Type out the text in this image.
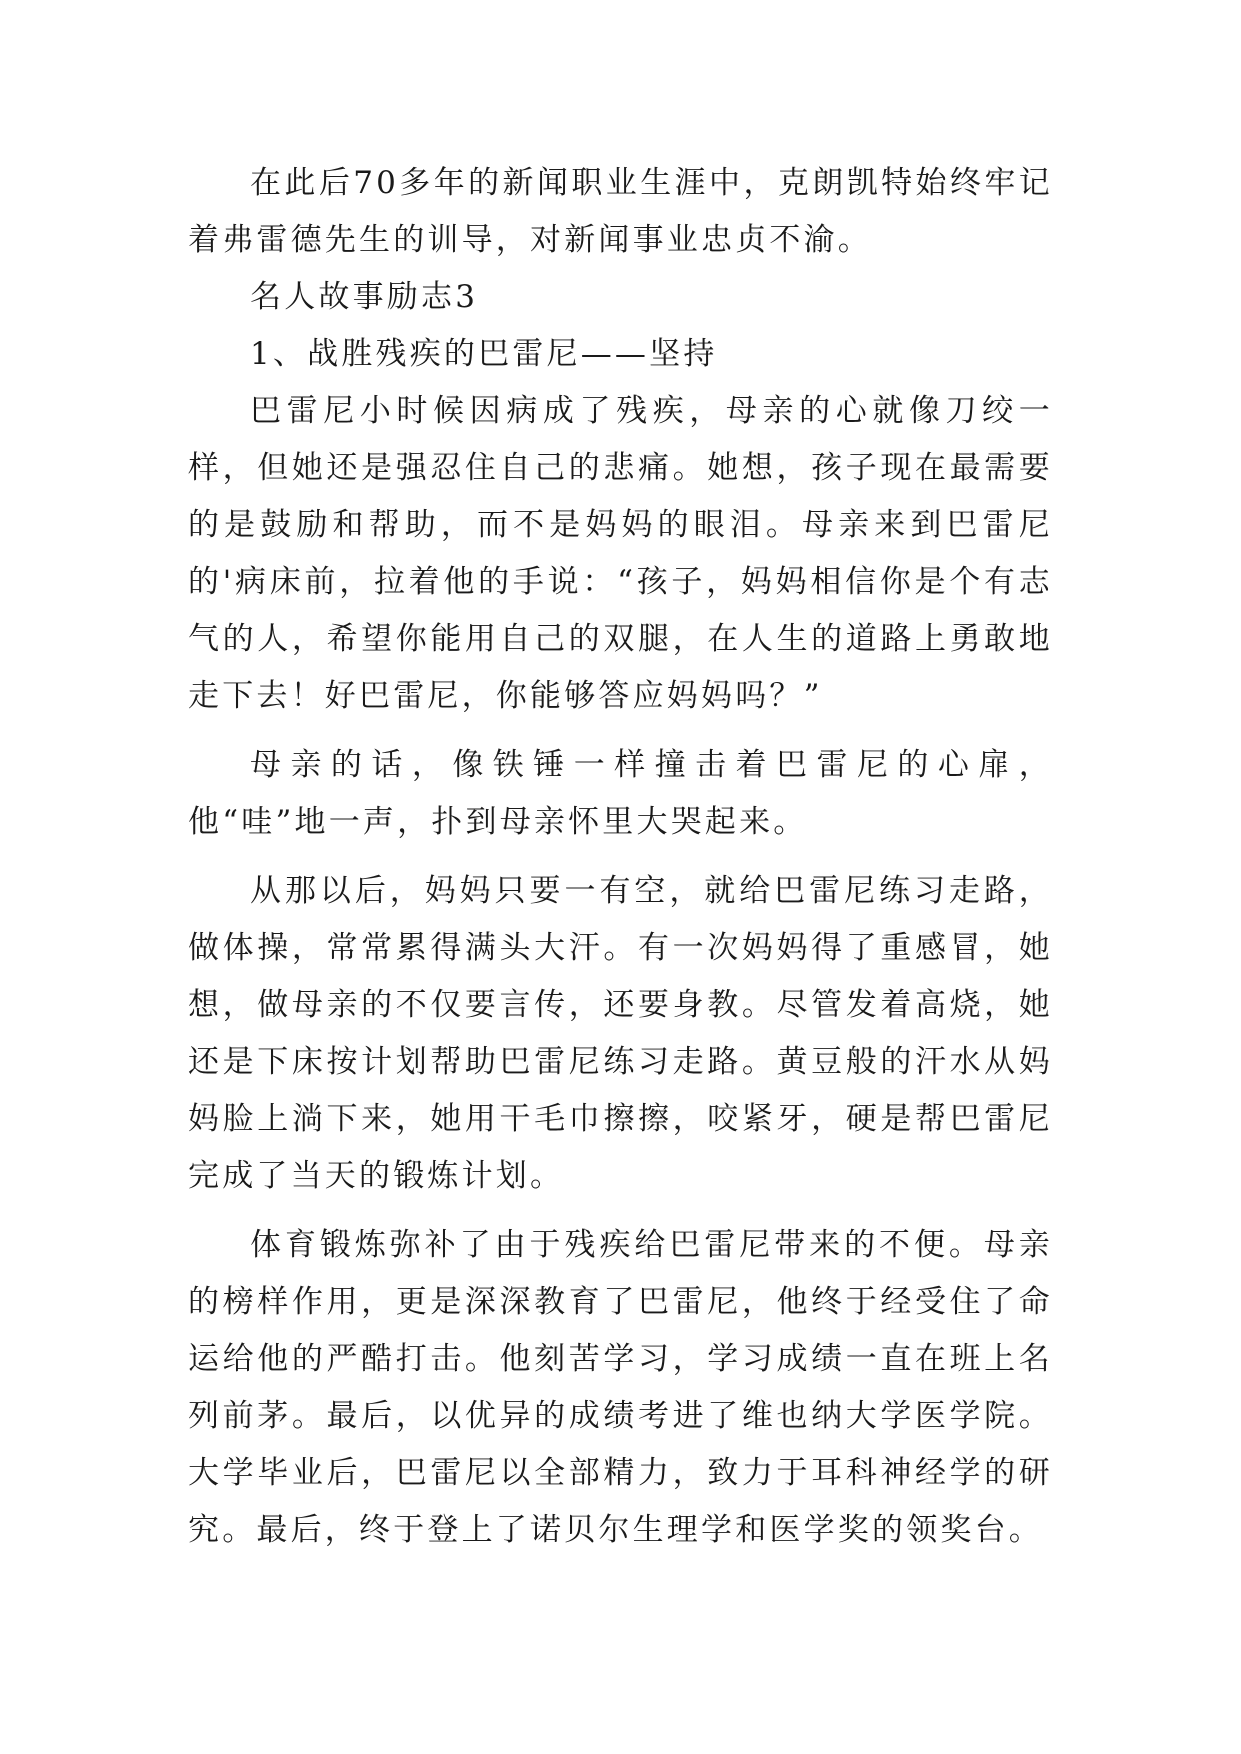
在此后70多年的新闻职业生涯中，克朗凯特始终牢记着弗雷德先生的训导，对新闻事业忠贞不渝。

名人故事励志3

1、战胜残疾的巴雷尼——坚持

巴雷尼小时候因病成了残疾，母亲的心就像刀绞一样，但她还是强忍住自己的悲痛。她想，孩子现在最需要的是鼓励和帮助，而不是妈妈的眼泪。母亲来到巴雷尼的'病床前，拉着他的手说：“孩子，妈妈相信你是个有志气的人，希望你能用自己的双腿，在人生的道路上勇敢地走下去！好巴雷尼，你能够答应妈妈吗？”

母亲的话，像铁锤一样撞击着巴雷尼的心扉，他“哇”地一声，扑到母亲怀里大哭起来。

从那以后，妈妈只要一有空，就给巴雷尼练习走路，做体操，常常累得满头大汗。有一次妈妈得了重感冒，她想，做母亲的不仅要言传，还要身教。尽管发着高烧，她还是下床按计划帮助巴雷尼练习走路。黄豆般的汗水从妈妈脸上淌下来，她用干毛巾擦擦，咬紧牙，硬是帮巴雷尼完成了当天的锻炼计划。

体育锻炼弥补了由于残疾给巴雷尼带来的不便。母亲的榜样作用，更是深深教育了巴雷尼，他终于经受住了命运给他的严酷打击。他刻苦学习，学习成绩一直在班上名列前茅。最后，以优异的成绩考进了维也纳大学医学院。大学毕业后，巴雷尼以全部精力，致力于耳科神经学的研究。最后，终于登上了诺贝尔生理学和医学奖的领奖台。
